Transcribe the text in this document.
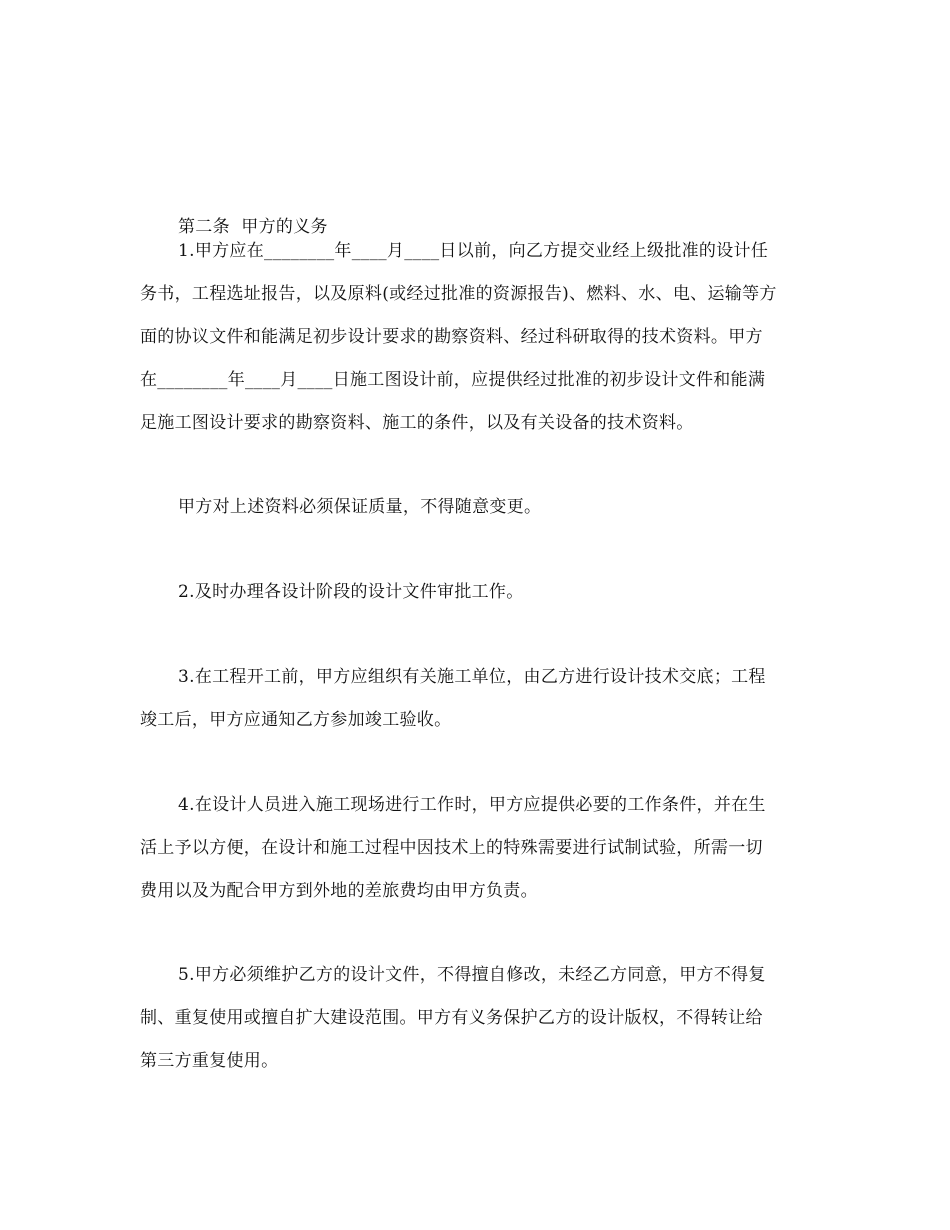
第二条  甲方的义务

1.甲方应在________年____月____日以前，向乙方提交业经上级批准的设计任
务书，工程选址报告，以及原料(或经过批准的资源报告)、燃料、水、电、运输等方
面的协议文件和能满足初步设计要求的勘察资料、经过科研取得的技术资料。甲方
在________年____月____日施工图设计前，应提供经过批准的初步设计文件和能满
足施工图设计要求的勘察资料、施工的条件，以及有关设备的技术资料。
甲方对上述资料必须保证质量，不得随意变更。
2.及时办理各设计阶段的设计文件审批工作。
3.在工程开工前，甲方应组织有关施工单位，由乙方进行设计技术交底；工程
竣工后，甲方应通知乙方参加竣工验收。
4.在设计人员进入施工现场进行工作时，甲方应提供必要的工作条件，并在生
活上予以方便，在设计和施工过程中因技术上的特殊需要进行试制试验，所需一切
费用以及为配合甲方到外地的差旅费均由甲方负责。
5.甲方必须维护乙方的设计文件，不得擅自修改，未经乙方同意，甲方不得复
制、重复使用或擅自扩大建设范围。甲方有义务保护乙方的设计版权，不得转让给
第三方重复使用。
